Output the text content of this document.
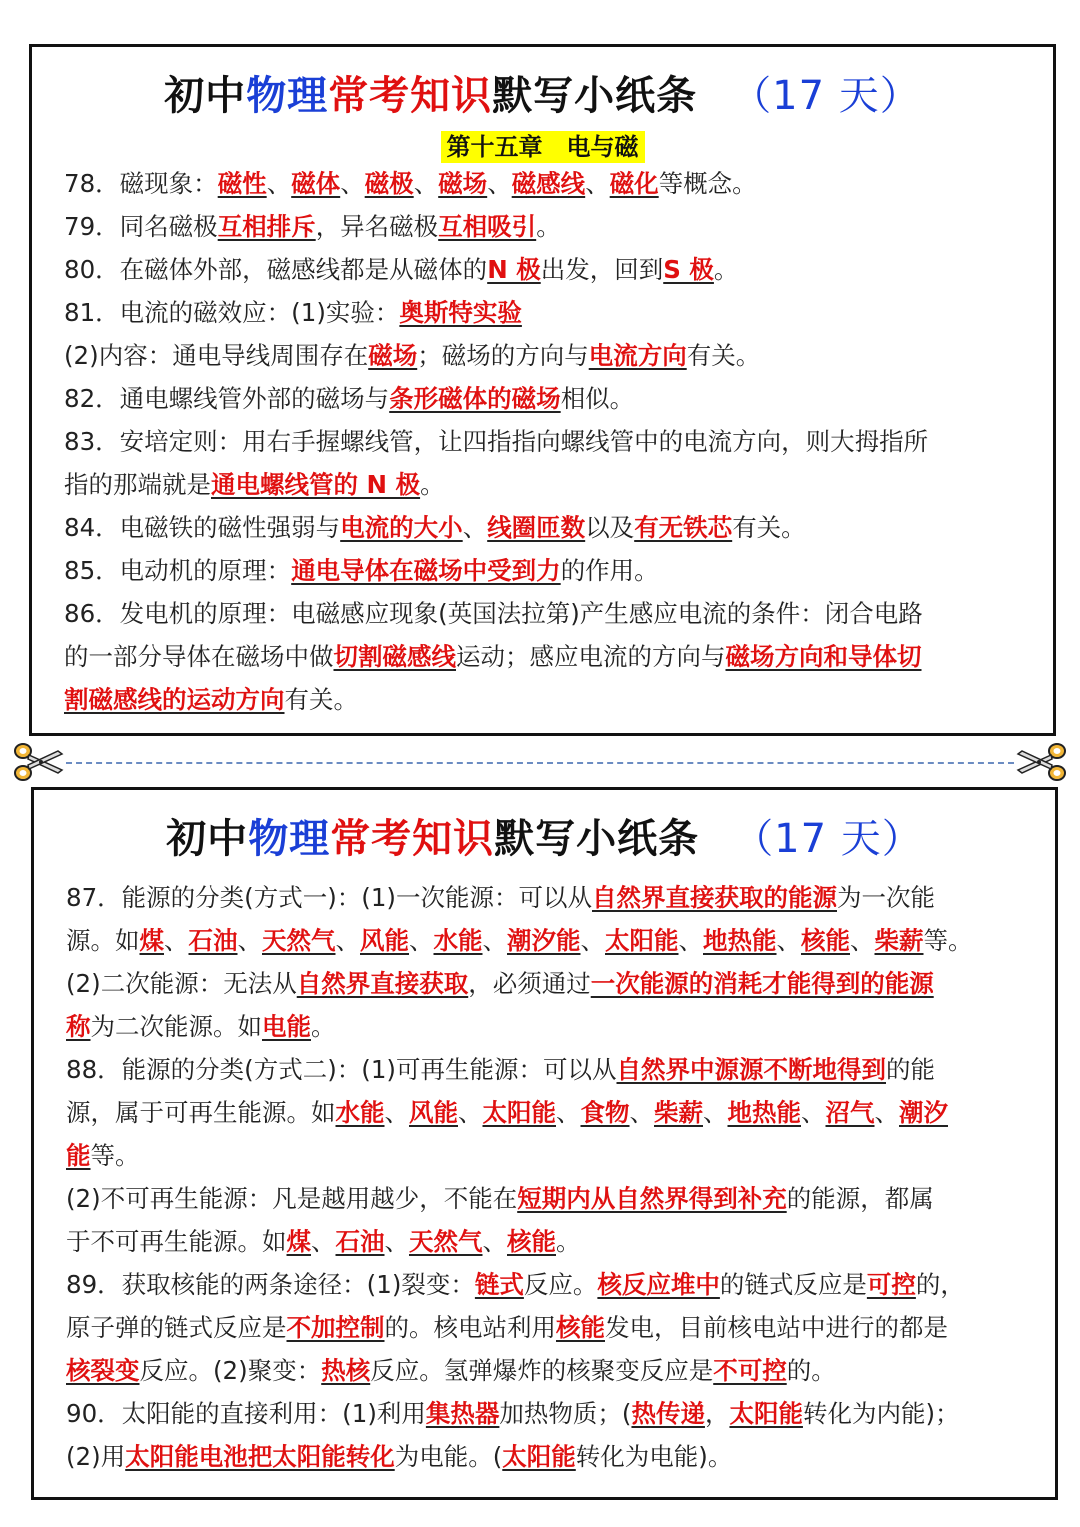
初中物理常考知识默写小纸条 （17 天）
第十五章　电与磁
78．磁现象：磁性、磁体、磁极、磁场、磁感线、磁化等概念。
79．同名磁极互相排斥，异名磁极互相吸引。
80．在磁体外部，磁感线都是从磁体的N 极出发，回到S 极。
81．电流的磁效应：(1)实验：奥斯特实验
(2)内容：通电导线周围存在磁场；磁场的方向与电流方向有关。
82．通电螺线管外部的磁场与条形磁体的磁场相似。
83．安培定则：用右手握螺线管，让四指指向螺线管中的电流方向，则大拇指所
指的那端就是通电螺线管的 N 极。
84．电磁铁的磁性强弱与电流的大小、线圈匝数以及有无铁芯有关。
85．电动机的原理：通电导体在磁场中受到力的作用。
86．发电机的原理：电磁感应现象(英国法拉第)产生感应电流的条件：闭合电路
的一部分导体在磁场中做切割磁感线运动；感应电流的方向与磁场方向和导体切
割磁感线的运动方向有关。
初中物理常考知识默写小纸条 （17 天）
87．能源的分类(方式一)：(1)一次能源：可以从自然界直接获取的能源为一次能
源。如煤、石油、天然气、风能、水能、潮汐能、太阳能、地热能、核能、柴薪等。
(2)二次能源：无法从自然界直接获取，必须通过一次能源的消耗才能得到的能源
称为二次能源。如电能。
88．能源的分类(方式二)：(1)可再生能源：可以从自然界中源源不断地得到的能
源，属于可再生能源。如水能、风能、太阳能、食物、柴薪、地热能、沼气、潮汐
能等。
(2)不可再生能源：凡是越用越少，不能在短期内从自然界得到补充的能源，都属
于不可再生能源。如煤、石油、天然气、核能。
89．获取核能的两条途径：(1)裂变：链式反应。核反应堆中的链式反应是可控的，
原子弹的链式反应是不加控制的。核电站利用核能发电，目前核电站中进行的都是
核裂变反应。(2)聚变：热核反应。氢弹爆炸的核聚变反应是不可控的。
90．太阳能的直接利用：(1)利用集热器加热物质；(热传递，太阳能转化为内能)；
(2)用太阳能电池把太阳能转化为电能。(太阳能转化为电能)。
